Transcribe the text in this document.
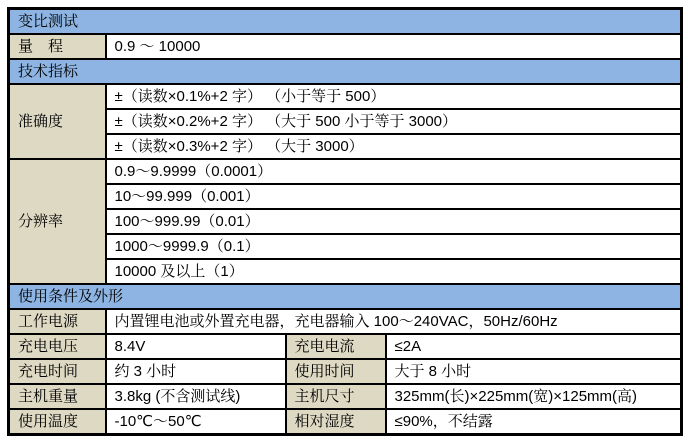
变比测试			
量　程	0.9 ～ 10000		
技术指标			
准确度	±（读数×0.1%+2 字） （小于等于 500）		
	±（读数×0.2%+2 字） （大于 500 小于等于 3000）		
	±（读数×0.3%+2 字） （大于 3000）		
分辨率	0.9～9.9999（0.0001）		
	10～99.999（0.001）		
	100～999.99（0.01）		
	1000～9999.9（0.1）		
	10000 及以上（1）		
使用条件及外形			
工作电源	内置锂电池或外置充电器，充电器输入 100～240VAC，50Hz/60Hz		
充电电压	8.4V	充电电流	≤2A
充电时间	约 3 小时	使用时间	大于 8 小时
主机重量	3.8kg (不含测试线)	主机尺寸	325mm(长)×225mm(宽)×125mm(高)
使用温度	-10℃～50℃	相对湿度	≤90%，不结露
